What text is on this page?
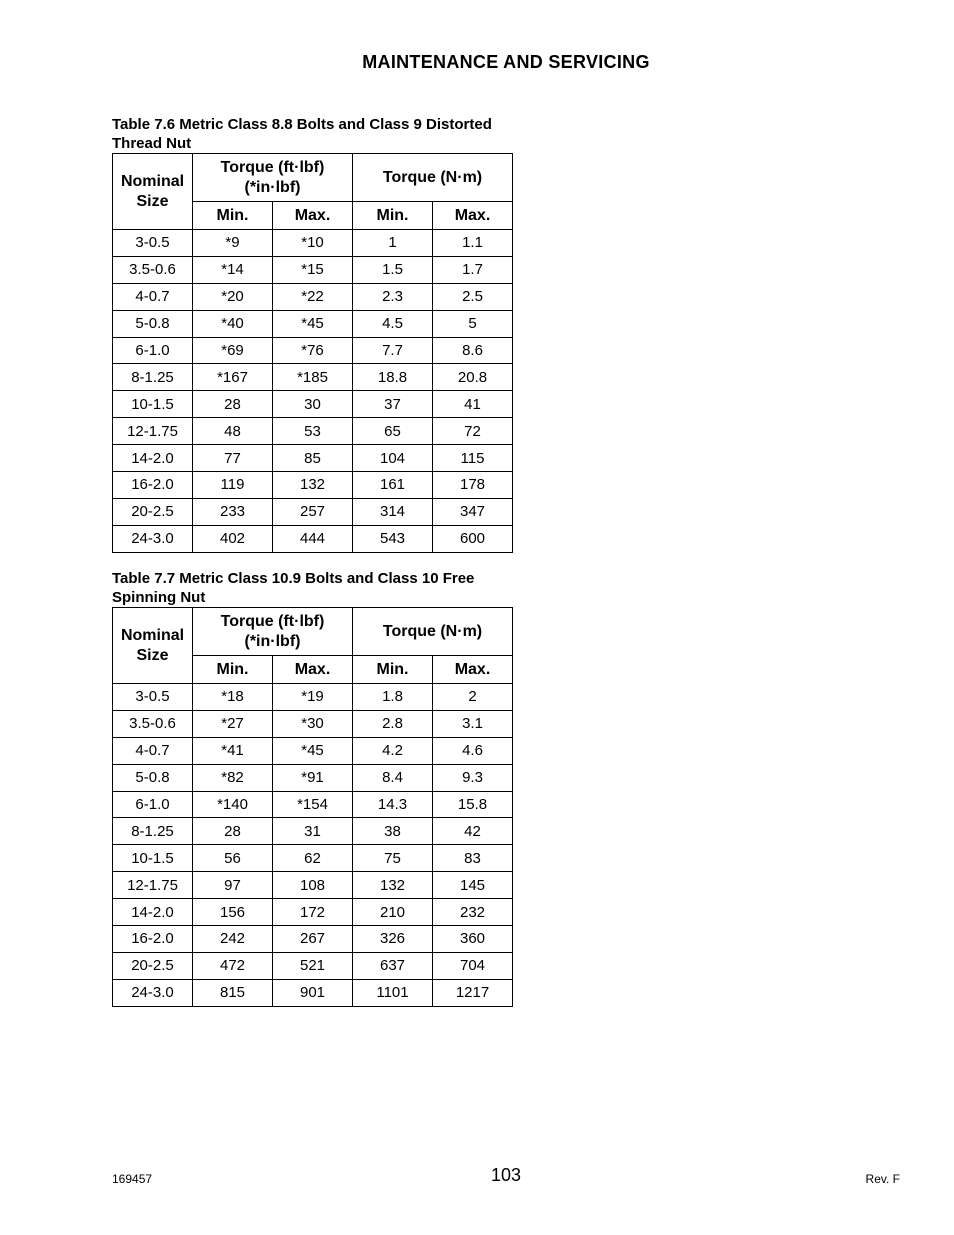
MAINTENANCE AND SERVICING
Table 7.6 Metric Class 8.8 Bolts and Class 9 Distorted Thread Nut
Nominal Size	Torque (ft·lbf) (*in·lbf)		Torque (N·m)	
	Min.	Max.	Min.	Max.
3-0.5	*9	*10	1	1.1
3.5-0.6	*14	*15	1.5	1.7
4-0.7	*20	*22	2.3	2.5
5-0.8	*40	*45	4.5	5
6-1.0	*69	*76	7.7	8.6
8-1.25	*167	*185	18.8	20.8
10-1.5	28	30	37	41
12-1.75	48	53	65	72
14-2.0	77	85	104	115
16-2.0	119	132	161	178
20-2.5	233	257	314	347
24-3.0	402	444	543	600
Table 7.7 Metric Class 10.9 Bolts and Class 10 Free Spinning Nut
Nominal Size	Torque (ft·lbf) (*in·lbf)		Torque (N·m)	
	Min.	Max.	Min.	Max.
3-0.5	*18	*19	1.8	2
3.5-0.6	*27	*30	2.8	3.1
4-0.7	*41	*45	4.2	4.6
5-0.8	*82	*91	8.4	9.3
6-1.0	*140	*154	14.3	15.8
8-1.25	28	31	38	42
10-1.5	56	62	75	83
12-1.75	97	108	132	145
14-2.0	156	172	210	232
16-2.0	242	267	326	360
20-2.5	472	521	637	704
24-3.0	815	901	1101	1217
169457	103	Rev. F
